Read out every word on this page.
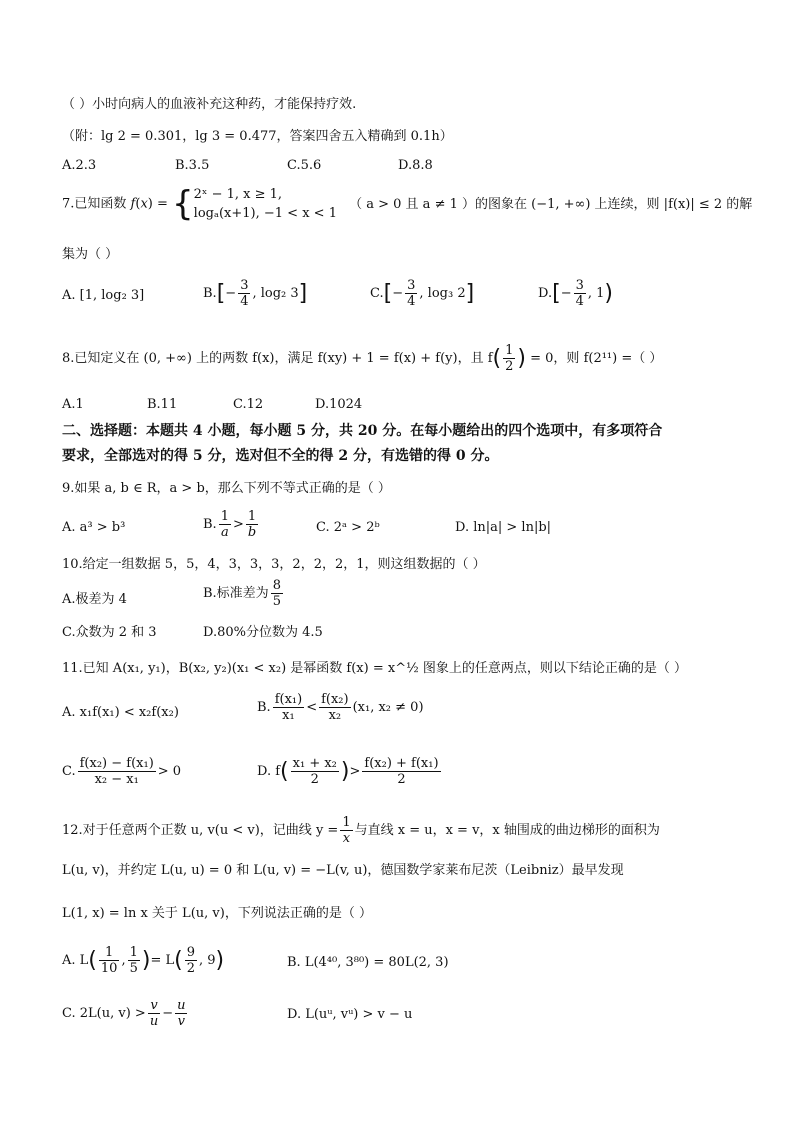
（ ）小时向病人的血液补充这种药，才能保持疗效.
（附：lg 2 = 0.301，lg 3 = 0.477，答案四舍五入精确到 0.1h）
A.2.3	B.3.5	C.5.6	D.8.8
7.已知函数 f(x) = { 2ˣ − 1, x ≥ 1,
logₐ(x+1), −1 < x < 1
（ a > 0 且 a ≠ 1 ）的图象在 (−1, +∞) 上连续，则 |f(x)| ≤ 2 的解
集为（ ）
A. [1, log₂ 3]	$B.[- \frac{3}{4}$ , log₂ 3]	$C.[- \frac{3}{4}$ , log₃ 2]	$D.[- \frac{3}{4}$ , 1)
8.已知定义在 (0, +∞) 上的两数 f(x)，满足 f(xy) + 1 = f(x) + f(y)，且 $f( \frac{1}{2}$ ) = 0，则 f(2¹¹) =（ ）
A.1	B.11	C.12	D.1024
二、选择题：本题共 4 小题，每小题 5 分，共 20 分。在每小题给出的四个选项中，有多项符合
要求，全部选对的得 5 分，选对但不全的得 2 分，有选错的得 0 分。
9.如果 a, b ∈ R，a > b，那么下列不等式正确的是（ ）
A. a³ > b³	B. $\frac{1}{a} > \frac{1}{b}$	C. 2ᵃ > 2ᵇ	D. ln|a| > ln|b|
10.给定一组数据 5，5，4，3，3，3，2，2，2，1，则这组数据的（ ）
A.极差为 4	B.标准差为 $\frac{8}{5}$
C.众数为 2 和 3	D.80%分位数为 4.5
11.已知 A(x₁, y₁)，B(x₂, y₂)(x₁ < x₂) 是幂函数 f(x) = x^½ 图象上的任意两点，则以下结论正确的是（ ）
A. x₁f(x₁) < x₂f(x₂)	B. $\frac{\text{f(x₁)}}{\text{x₁}} < \frac{\text{f(x₂)}}{\text{x₂}} (x_1$, x₂ ≠ 0)
C. $\frac{\text{f(x₂) − f(x₁)}}{\text{x₂ − x₁}} > 0$	D. $f( \frac{\text{x₁ + x₂}}{2}$ )> $\frac{\text{f(x₂) + f(x₁)}}{2}$
12.对于任意两个正数 u, v(u < v)，记曲线 $y = \frac{1}{x}$ 与直线 x = u，x = v，x 轴围成的曲边梯形的面积为
L(u, v)，并约定 L(u, u) = 0 和 L(u, v) = −L(v, u)，德国数学家莱布尼茨（Leibniz）最早发现
L(1, x) = ln x 关于 L(u, v)，下列说法正确的是（ ）
A. $L( \frac{1}{10}$ , $\frac{1}{5}$ )= $L( \frac{9}{2}$ , 9)	B. L(4⁴⁰, 3⁸⁰) = 80L(2, 3)
C. 2L(u, $v) > \frac{v}{u} - \frac{u}{v}$	D. L(uᵘ, vᵘ) > v − u
